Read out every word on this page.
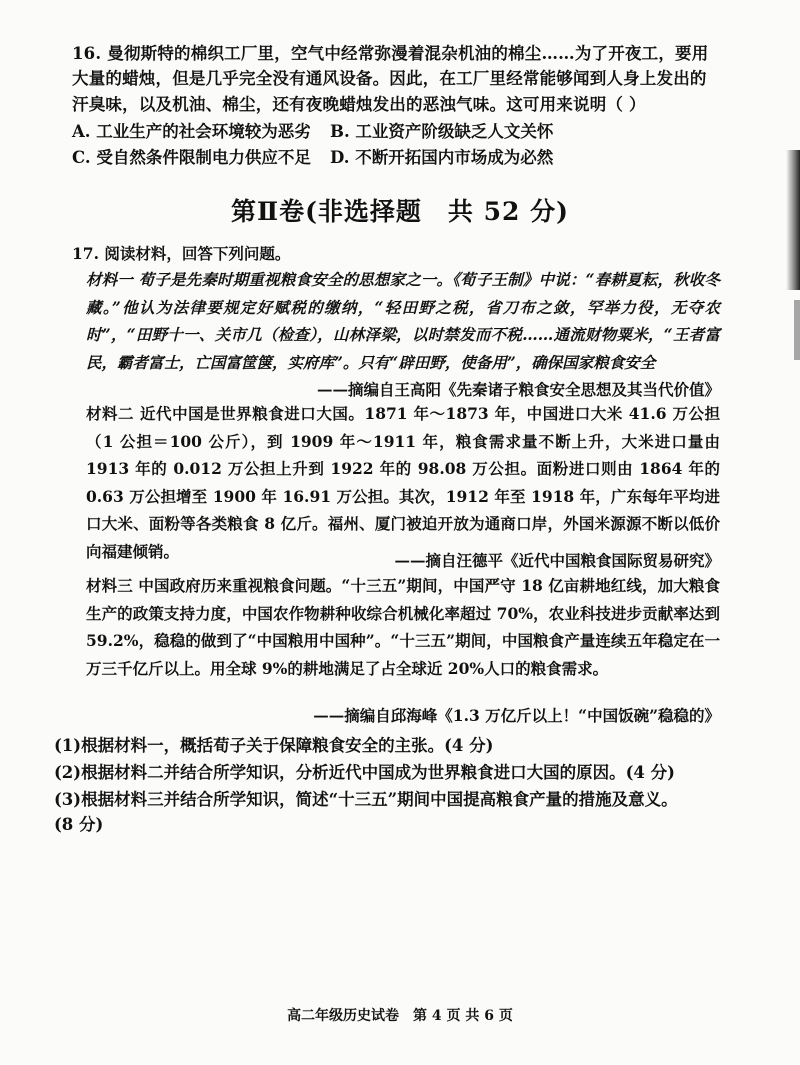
16. 曼彻斯特的棉织工厂里，空气中经常弥漫着混杂机油的棉尘……为了开夜工，要用
大量的蜡烛，但是几乎完全没有通风设备。因此，在工厂里经常能够闻到人身上发出的
汗臭味，以及机油、棉尘，还有夜晚蜡烛发出的恶浊气味。这可用来说明（ ）
A. 工业生产的社会环境较为恶劣 B. 工业资产阶级缺乏人文关怀
C. 受自然条件限制电力供应不足 D. 不断开拓国内市场成为必然
第Ⅱ卷(非选择题　共 52 分)
17. 阅读材料，回答下列问题。
材料一 荀子是先秦时期重视粮食安全的思想家之一。《荀子王制》中说：“春耕夏耘，秋收冬藏。”他认为法律要规定好赋税的缴纳，“轻田野之税，省刀布之敛，罕举力役，无夺农时”，“田野十一、关市几（检查），山林泽梁，以时禁发而不税……通流财物粟米，“王者富民，霸者富士，亡国富筐箧，实府库”。只有“辟田野，使备用”，确保国家粮食安全
——摘编自王高阳《先秦诸子粮食安全思想及其当代价值》
材料二 近代中国是世界粮食进口大国。1871 年～1873 年，中国进口大米 41.6 万公担（1 公担＝100 公斤），到 1909 年～1911 年，粮食需求量不断上升，大米进口量由 1913 年的 0.012 万公担上升到 1922 年的 98.08 万公担。面粉进口则由 1864 年的 0.63 万公担增至 1900 年 16.91 万公担。其次，1912 年至 1918 年，广东每年平均进口大米、面粉等各类粮食 8 亿斤。福州、厦门被迫开放为通商口岸，外国米源源不断以低价向福建倾销。	——摘自汪德平《近代中国粮食国际贸易研究》
材料三 中国政府历来重视粮食问题。“十三五”期间，中国严守 18 亿亩耕地红线，加大粮食生产的政策支持力度，中国农作物耕种收综合机械化率超过 70%，农业科技进步贡献率达到 59.2%，稳稳的做到了“中国粮用中国种”。“十三五”期间，中国粮食产量连续五年稳定在一万三千亿斤以上。用全球 9%的耕地满足了占全球近 20%人口的粮食需求。
——摘编自邱海峰《1.3 万亿斤以上！“中国饭碗”稳稳的》
(1)根据材料一，概括荀子关于保障粮食安全的主张。(4 分)
(2)根据材料二并结合所学知识，分析近代中国成为世界粮食进口大国的原因。(4 分)
(3)根据材料三并结合所学知识，简述“十三五”期间中国提高粮食产量的措施及意义。
(8 分)
高二年级历史试卷　第 4 页 共 6 页
